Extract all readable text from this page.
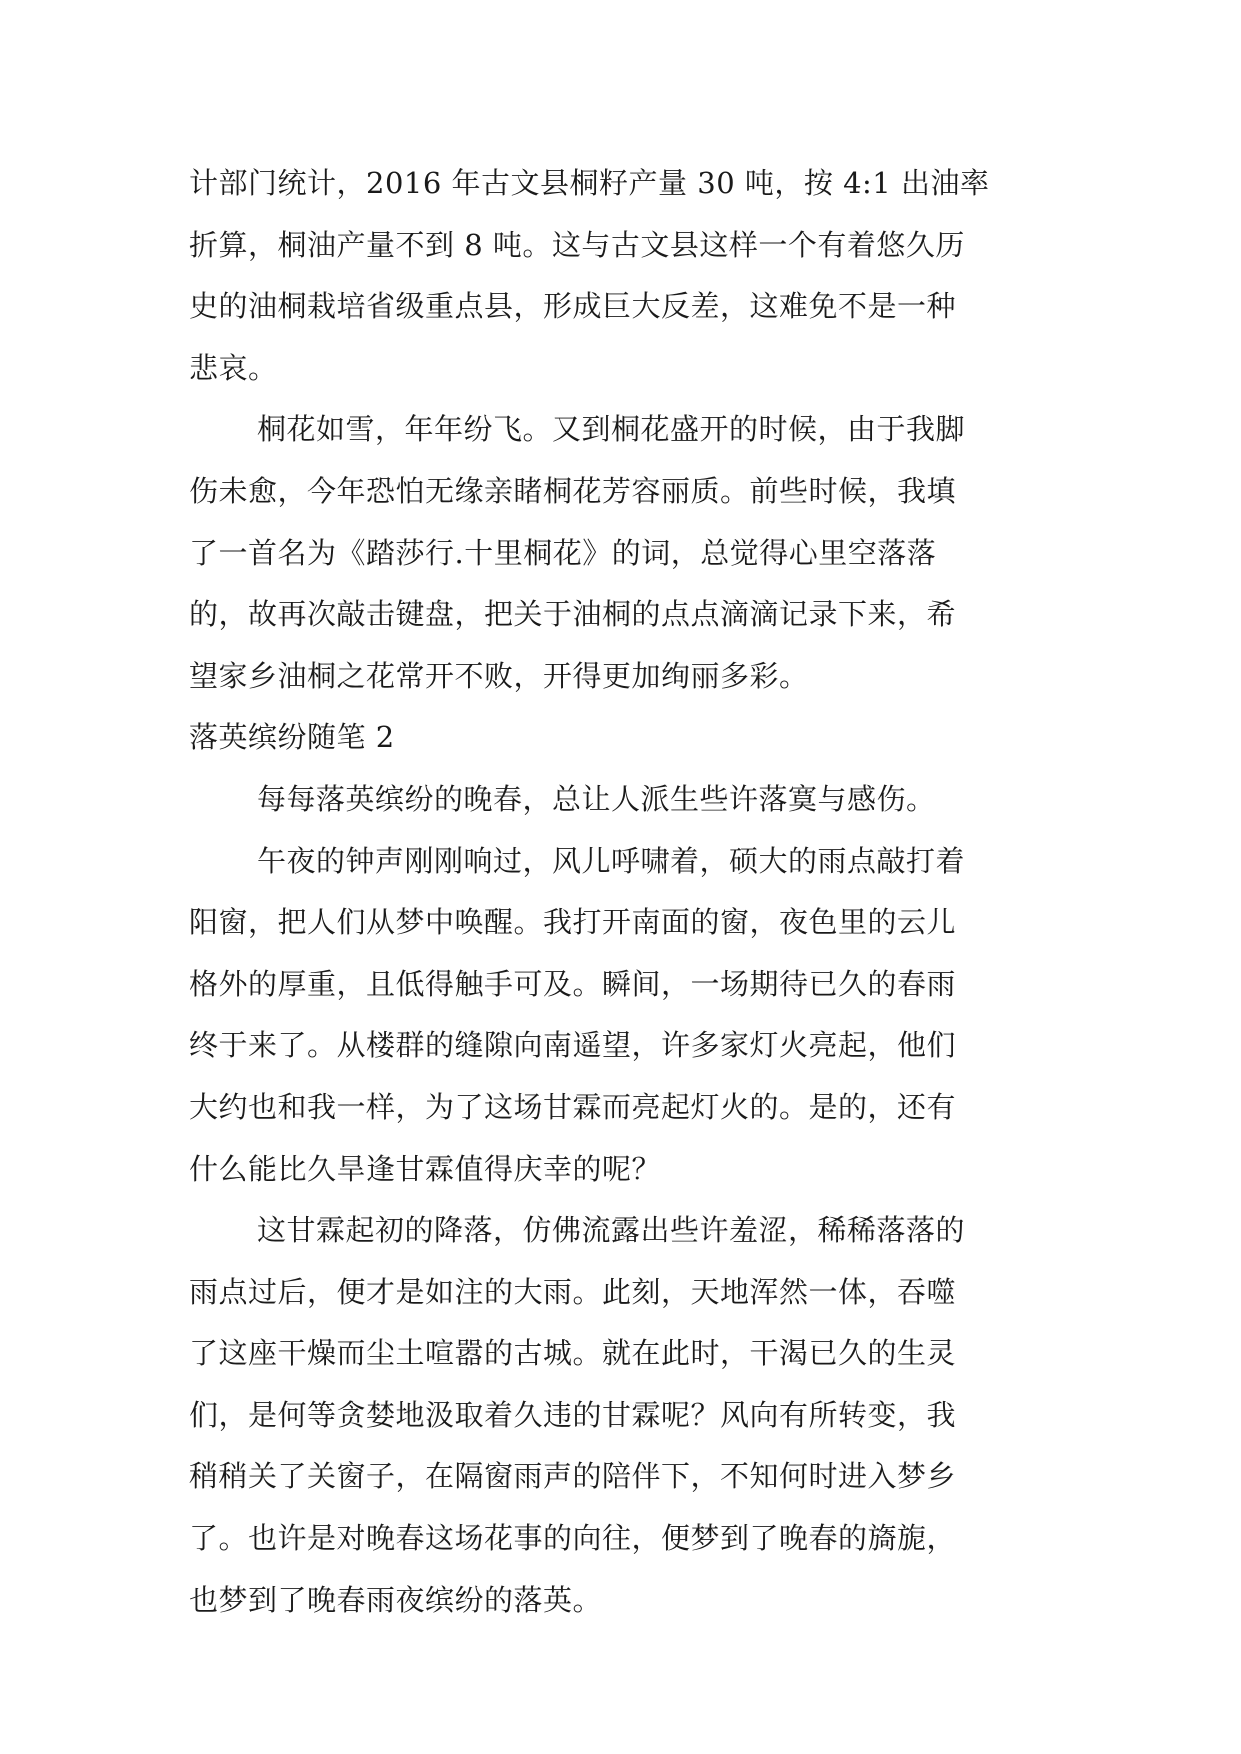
计部门统计，2016 年古文县桐籽产量 30 吨，按 4:1 出油率
折算，桐油产量不到 8 吨。这与古文县这样一个有着悠久历
史的油桐栽培省级重点县，形成巨大反差，这难免不是一种
悲哀。
桐花如雪，年年纷飞。又到桐花盛开的时候，由于我脚
伤未愈，今年恐怕无缘亲睹桐花芳容丽质。前些时候，我填
了一首名为《踏莎行.十里桐花》的词，总觉得心里空落落
的，故再次敲击键盘，把关于油桐的点点滴滴记录下来，希
望家乡油桐之花常开不败，开得更加绚丽多彩。
落英缤纷随笔 2
每每落英缤纷的晚春，总让人派生些许落寞与感伤。
午夜的钟声刚刚响过，风儿呼啸着，硕大的雨点敲打着
阳窗，把人们从梦中唤醒。我打开南面的窗，夜色里的云儿
格外的厚重，且低得触手可及。瞬间，一场期待已久的春雨
终于来了。从楼群的缝隙向南遥望，许多家灯火亮起，他们
大约也和我一样，为了这场甘霖而亮起灯火的。是的，还有
什么能比久旱逢甘霖值得庆幸的呢？
这甘霖起初的降落，仿佛流露出些许羞涩，稀稀落落的
雨点过后，便才是如注的大雨。此刻，天地浑然一体，吞噬
了这座干燥而尘土喧嚣的古城。就在此时，干渴已久的生灵
们，是何等贪婪地汲取着久违的甘霖呢？风向有所转变，我
稍稍关了关窗子，在隔窗雨声的陪伴下，不知何时进入梦乡
了。也许是对晚春这场花事的向往，便梦到了晚春的旖旎，
也梦到了晚春雨夜缤纷的落英。
